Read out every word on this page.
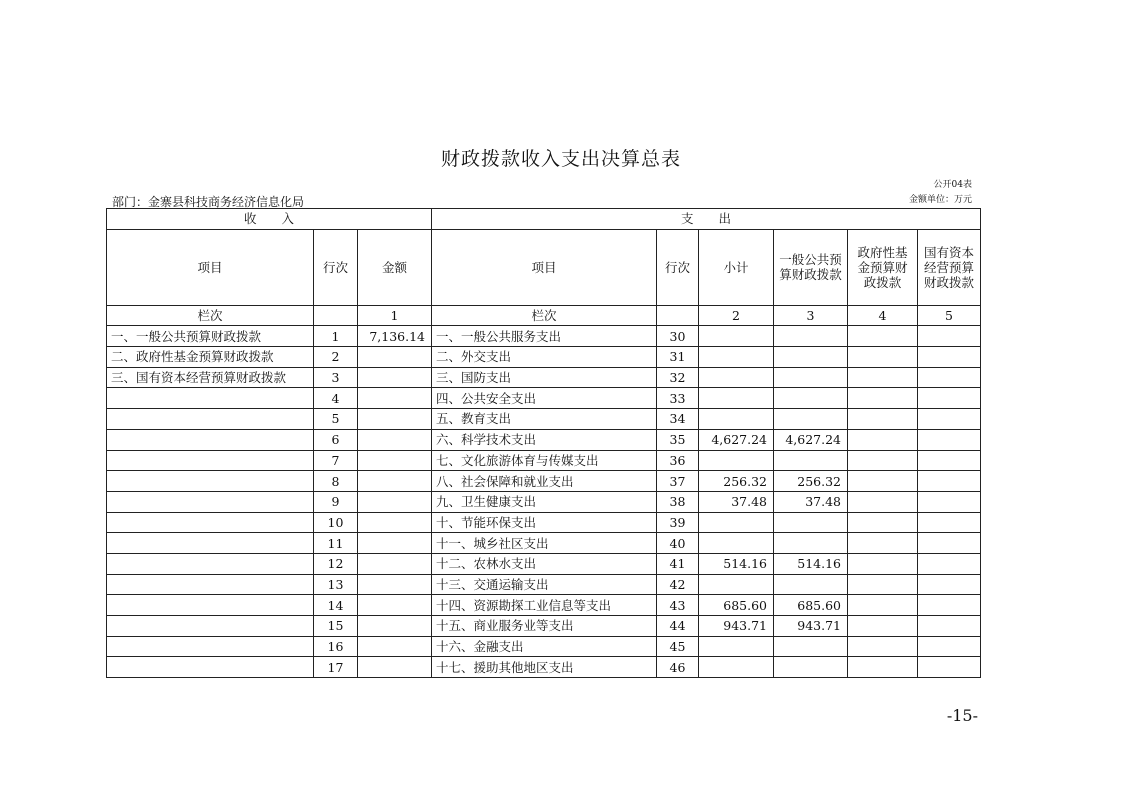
财政拨款收入支出决算总表
公开04表
部门：金寨县科技商务经济信息化局	金额单位：万元
收　　入			支　　出					
项目	行次	金额	项目	行次	小计	一般公共预算财政拨款	政府性基金预算财政拨款	国有资本经营预算财政拨款
栏次		1	栏次		2	3	4	5
一、一般公共预算财政拨款	1	7,136.14	一、一般公共服务支出	30				
二、政府性基金预算财政拨款	2		二、外交支出	31				
三、国有资本经营预算财政拨款	3		三、国防支出	32				
	4		四、公共安全支出	33				
	5		五、教育支出	34				
	6		六、科学技术支出	35	4,627.24	4,627.24		
	7		七、文化旅游体育与传媒支出	36				
	8		八、社会保障和就业支出	37	256.32	256.32		
	9		九、卫生健康支出	38	37.48	37.48		
	10		十、节能环保支出	39				
	11		十一、城乡社区支出	40				
	12		十二、农林水支出	41	514.16	514.16		
	13		十三、交通运输支出	42				
	14		十四、资源勘探工业信息等支出	43	685.60	685.60		
	15		十五、商业服务业等支出	44	943.71	943.71		
	16		十六、金融支出	45				
	17		十七、援助其他地区支出	46				
-15-
